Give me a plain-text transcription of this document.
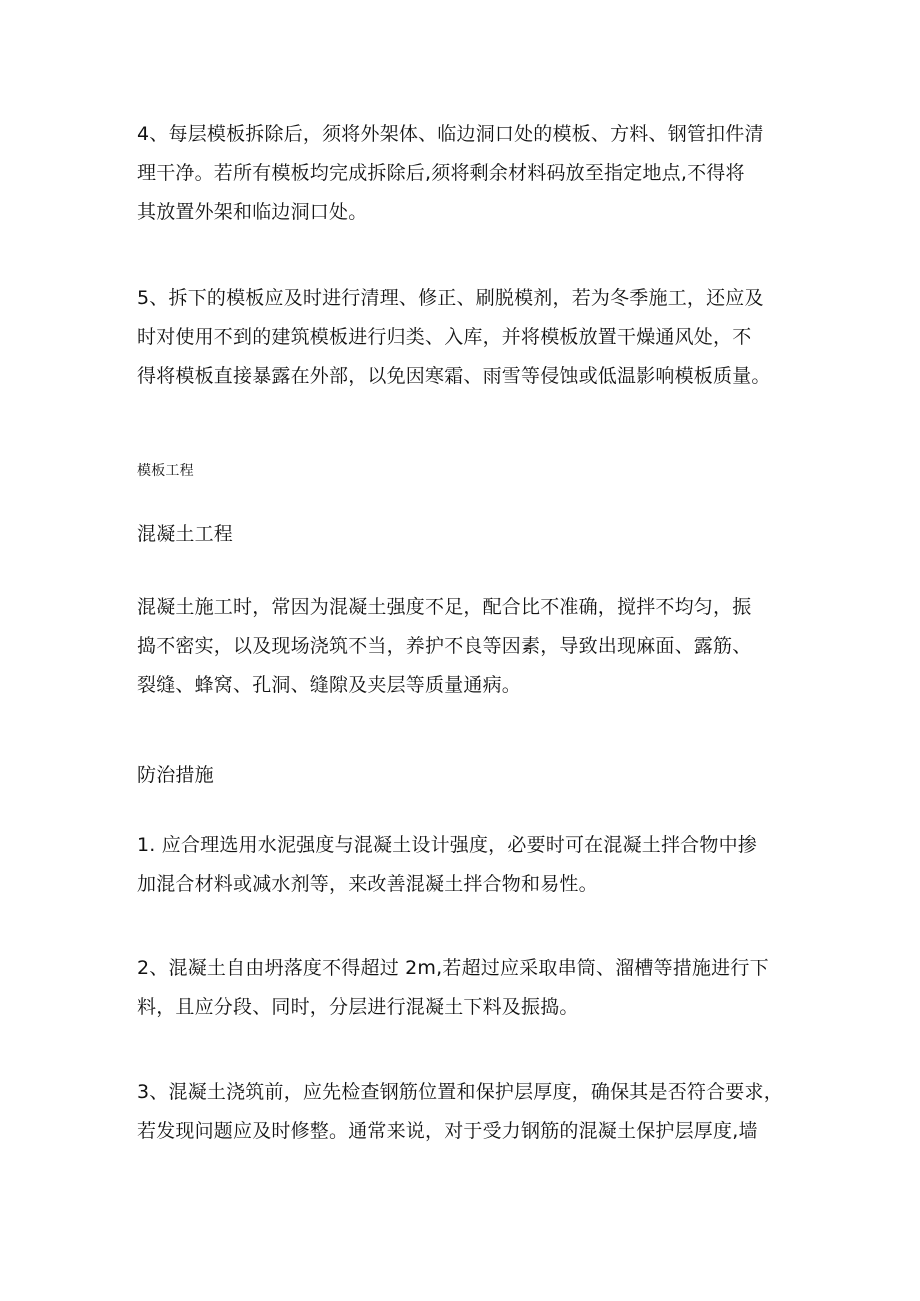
4、每层模板拆除后，须将外架体、临边洞口处的模板、方料、钢管扣件清
理干净。若所有模板均完成拆除后,须将剩余材料码放至指定地点,不得将
其放置外架和临边洞口处。
5、拆下的模板应及时进行清理、修正、刷脱模剂，若为冬季施工，还应及
时对使用不到的建筑模板进行归类、入库，并将模板放置干燥通风处，不
得将模板直接暴露在外部，以免因寒霜、雨雪等侵蚀或低温影响模板质量。
模板工程
混凝土工程
混凝土施工时，常因为混凝土强度不足，配合比不准确，搅拌不均匀，振
捣不密实，以及现场浇筑不当，养护不良等因素，导致出现麻面、露筋、
裂缝、蜂窝、孔洞、缝隙及夹层等质量通病。
防治措施
1. 应合理选用水泥强度与混凝土设计强度，必要时可在混凝土拌合物中掺
加混合材料或减水剂等，来改善混凝土拌合物和易性。
2、混凝土自由坍落度不得超过 2m,若超过应采取串筒、溜槽等措施进行下
料，且应分段、同时，分层进行混凝土下料及振捣。
3、混凝土浇筑前，应先检查钢筋位置和保护层厚度，确保其是否符合要求，
若发现问题应及时修整。通常来说，对于受力钢筋的混凝土保护层厚度,墙
